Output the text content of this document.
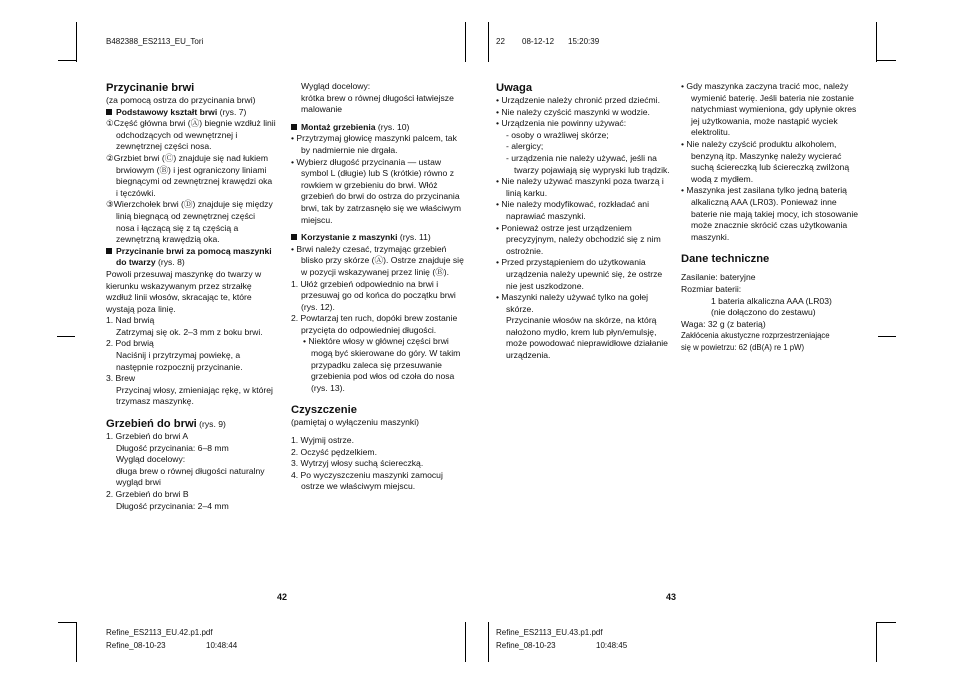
B482388_ES2113_EU_Tori	22 08-12-12 15:20:39
Refine_ES2113_EU.42.p1.pdf
Refine_08-10-23	10:48:44
Refine_ES2113_EU.43.p1.pdf
Refine_08-10-23	10:48:45
42	43

Przycinanie brwi

(za pomocą ostrza do przycinania brwi)

Podstawowy kształt brwi (rys. 7)

①Część główna brwi (Ⓐ) biegnie wzdłuż linii odchodzących od wewnętrznej i zewnętrznej części nosa.

②Grzbiet brwi (Ⓒ) znajduje się nad łukiem brwiowym (Ⓑ) i jest ograniczony liniami biegnącymi od zewnętrznej krawędzi oka i tęczówki.

③Wierzchołek brwi (Ⓓ) znajduje się między linią biegnącą od zewnętrznej części nosa i łączącą się z tą częścią a zewnętrzną krawędzią oka.

Przycinanie brwi za pomocą maszynki do twarzy (rys. 8)

Powoli przesuwaj maszynkę do twarzy w kierunku wskazywanym przez strzałkę wzdłuż linii włosów, skracając te, które wystają poza linię.

1. Nad brwią

Zatrzymaj się ok. 2–3 mm z boku brwi.

2. Pod brwią

Naciśnij i przytrzymaj powiekę, a następnie rozpocznij przycinanie.

3. Brew

Przycinaj włosy, zmieniając rękę, w której trzymasz maszynkę.

Grzebień do brwi (rys. 9)

1. Grzebień do brwi A

Długość przycinania: 6–8 mm

Wygląd docelowy:

długa brew o równej długości naturalny wygląd brwi

2. Grzebień do brwi B

Długość przycinania: 2–4 mm

Wygląd docelowy:

krótka brew o równej długości łatwiejsze malowanie

Montaż grzebienia (rys. 10)

• Przytrzymaj głowicę maszynki palcem, tak by nadmiernie nie drgała.

• Wybierz długość przycinania — ustaw symbol L (długie) lub S (krótkie) równo z rowkiem w grzebieniu do brwi. Włóż grzebień do brwi do ostrza do przycinania brwi, tak by zatrzasnęło się we właściwym miejscu.

Korzystanie z maszynki (rys. 11)

• Brwi należy czesać, trzymając grzebień blisko przy skórze (Ⓐ). Ostrze znajduje się w pozycji wskazywanej przez linię (Ⓑ).

1. Ułóż grzebień odpowiednio na brwi i przesuwaj go od końca do początku brwi (rys. 12).

2. Powtarzaj ten ruch, dopóki brew zostanie przycięta do odpowiedniej długości.

• Niektóre włosy w głównej części brwi mogą być skierowane do góry. W takim przypadku zaleca się przesuwanie grzebienia pod włos od czoła do nosa (rys. 13).

Czyszczenie

(pamiętaj o wyłączeniu maszynki)

1. Wyjmij ostrze.

2. Oczyść pędzelkiem.

3. Wytrzyj włosy suchą ściereczką.

4. Po wyczyszczeniu maszynki zamocuj ostrze we właściwym miejscu.

Uwaga

• Urządzenie należy chronić przed dziećmi.

• Nie należy czyścić maszynki w wodzie.

• Urządzenia nie powinny używać:

- osoby o wrażliwej skórze;

- alergicy;

- urządzenia nie należy używać, jeśli na twarzy pojawiają się wypryski lub trądzik.

• Nie należy używać maszynki poza twarzą i linią karku.

• Nie należy modyfikować, rozkładać ani naprawiać maszynki.

• Ponieważ ostrze jest urządzeniem precyzyjnym, należy obchodzić się z nim ostrożnie.

• Przed przystąpieniem do użytkowania urządzenia należy upewnić się, że ostrze nie jest uszkodzone.

• Maszynki należy używać tylko na gołej skórze.

Przycinanie włosów na skórze, na którą nałożono mydło, krem lub płyn/emulsję, może powodować nieprawidłowe działanie urządzenia.

• Gdy maszynka zaczyna tracić moc, należy wymienić baterię. Jeśli bateria nie zostanie natychmiast wymieniona, gdy upłynie okres jej użytkowania, może nastąpić wyciek elektrolitu.

• Nie należy czyścić produktu alkoholem, benzyną itp. Maszynkę należy wycierać suchą ściereczką lub ściereczką zwilżoną wodą z mydłem.

• Maszynka jest zasilana tylko jedną baterią alkaliczną AAA (LR03). Ponieważ inne baterie nie mają takiej mocy, ich stosowanie może znacznie skrócić czas użytkowania maszynki.

Dane techniczne

Zasilanie: bateryjne

Rozmiar baterii:

1 bateria alkaliczna AAA (LR03)

(nie dołączono do zestawu)

Waga: 32 g (z baterią)

Zakłócenia akustyczne rozprzestrzeniające

się w powietrzu: 62 (dB(A) re 1 pW)
